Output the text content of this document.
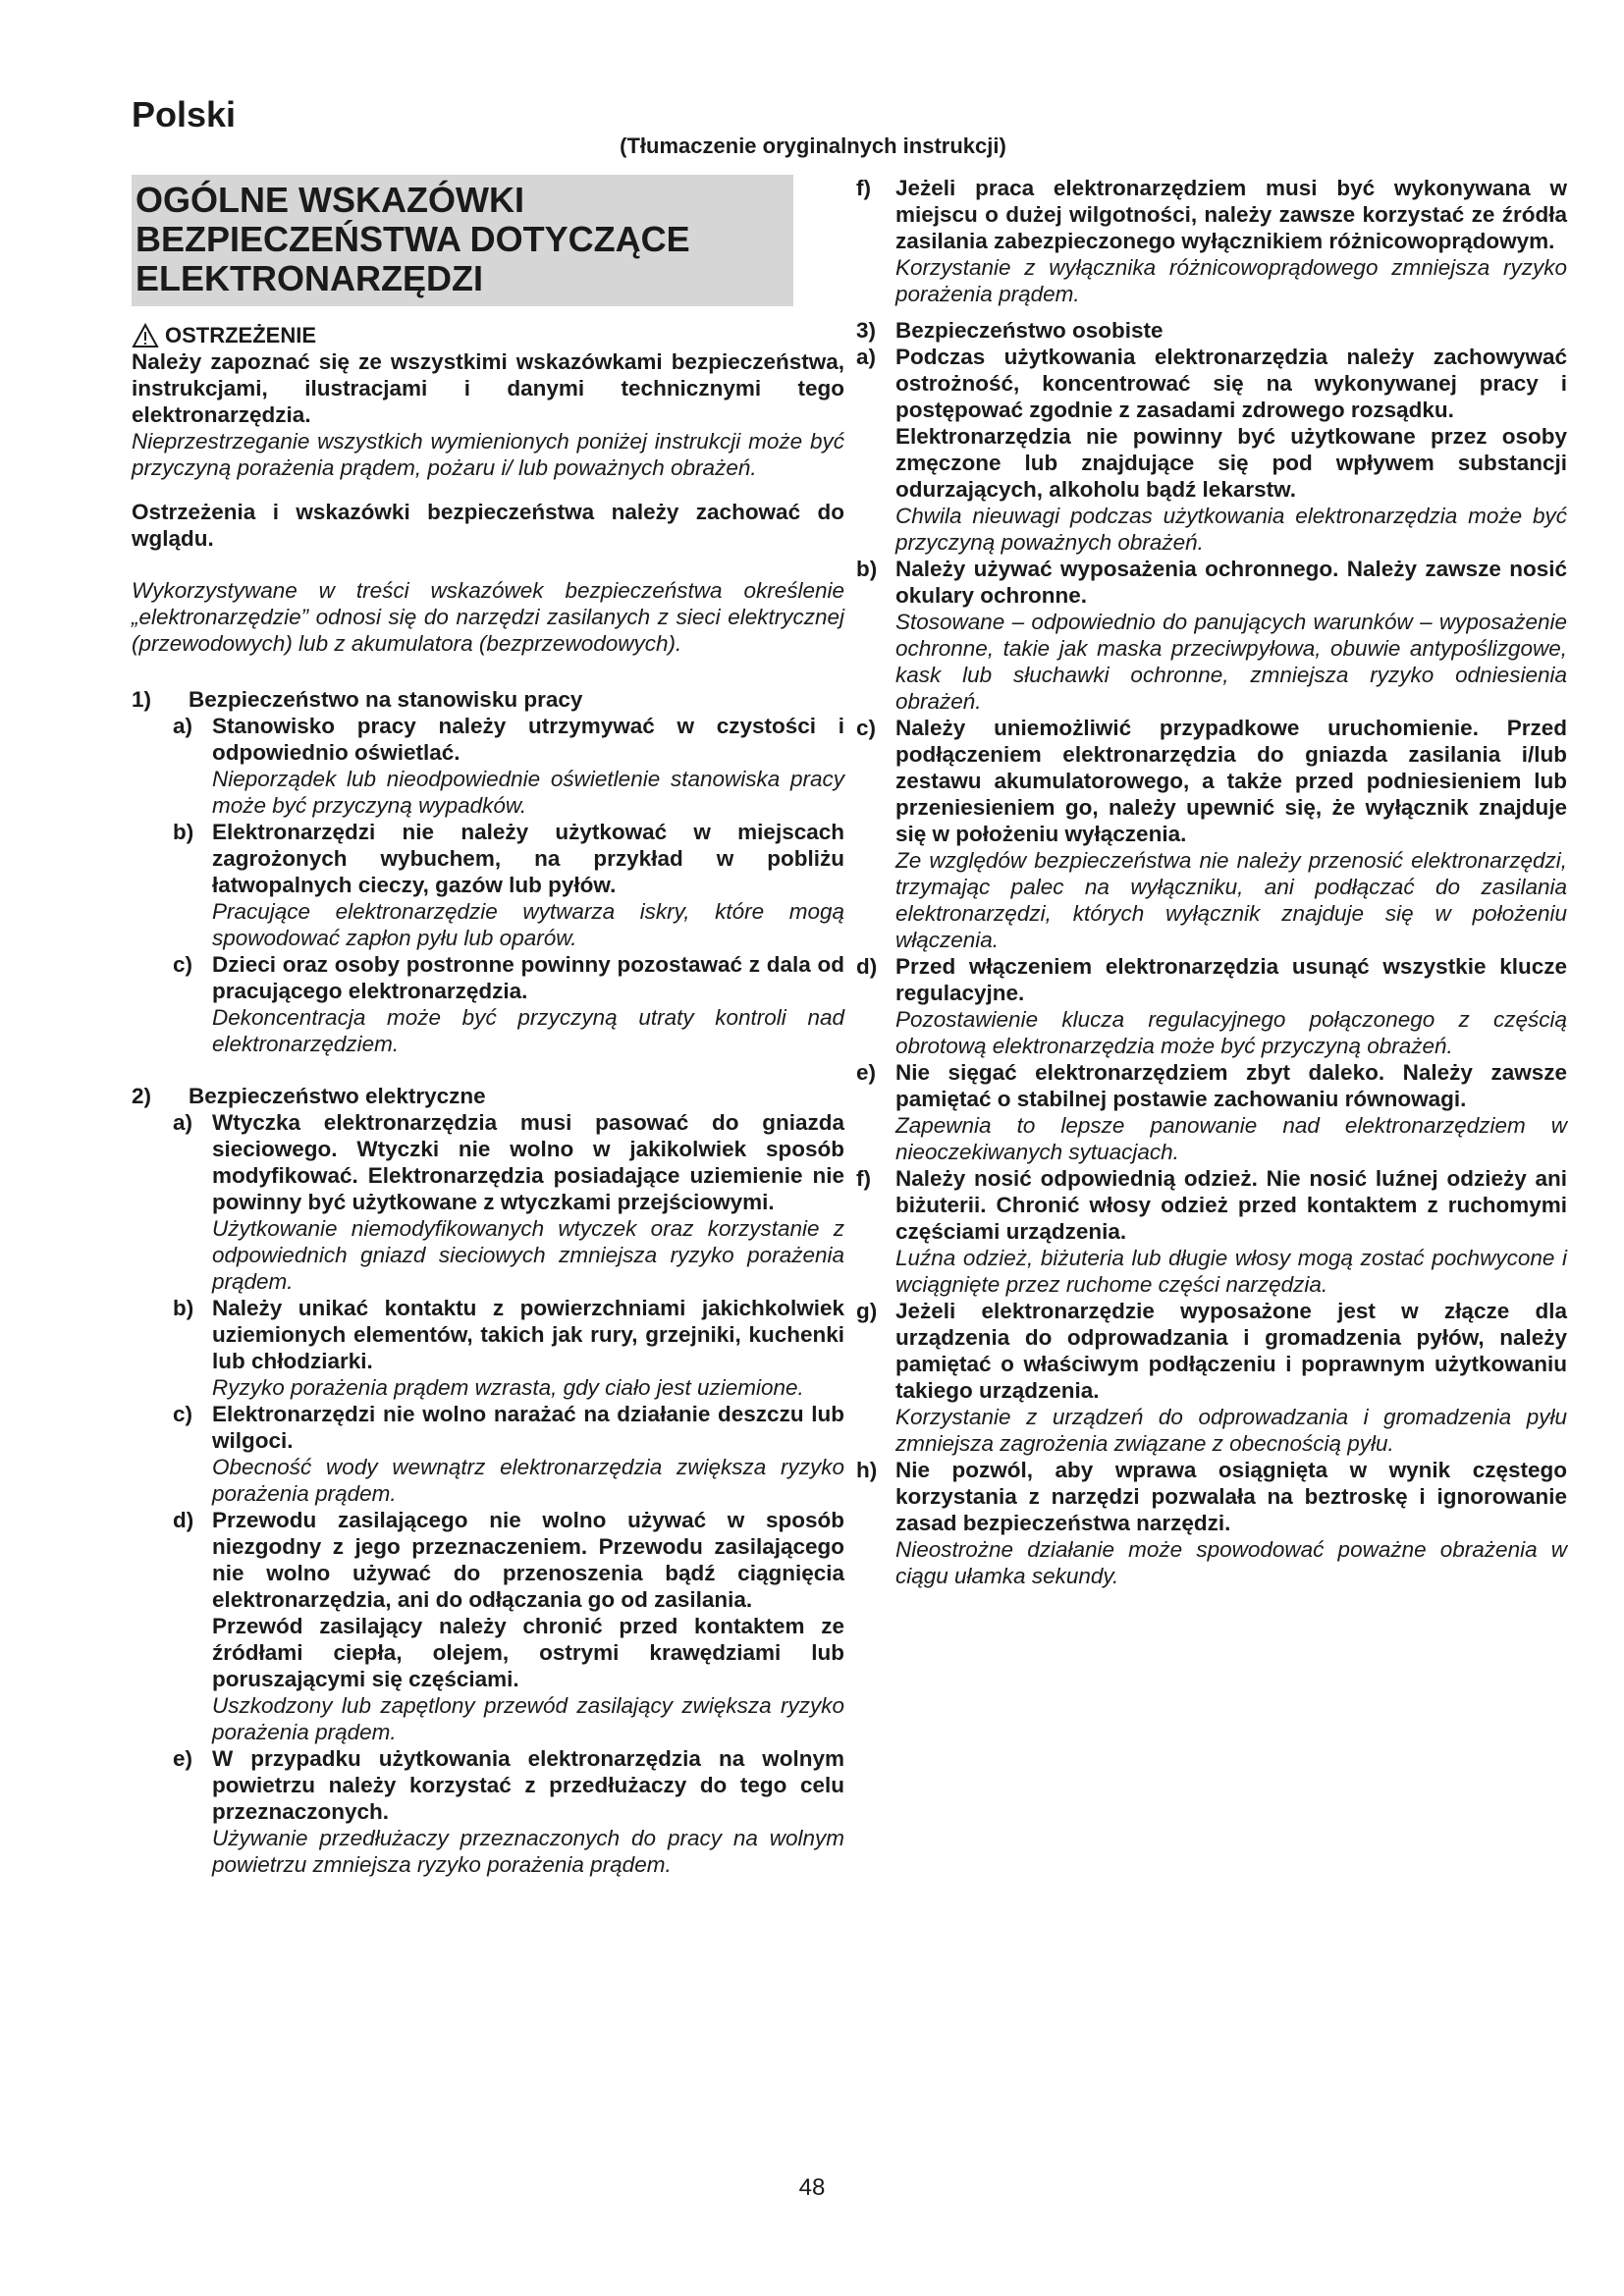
Polski
(Tłumaczenie oryginalnych instrukcji)
OGÓLNE WSKAZÓWKI BEZPIECZEŃSTWA DOTYCZĄCE ELEKTRONARZĘDZI
OSTRZEŻENIE

Należy zapoznać się ze wszystkimi wskazówkami bezpieczeństwa, instrukcjami, ilustracjami i danymi technicznymi tego elektronarzędzia.

Nieprzestrzeganie wszystkich wymienionych poniżej instrukcji może być przyczyną porażenia prądem, pożaru i/ lub poważnych obrażeń.

Ostrzeżenia i wskazówki bezpieczeństwa należy zachować do wglądu.

Wykorzystywane w treści wskazówek bezpieczeństwa określenie „elektronarzędzie” odnosi się do narzędzi zasilanych z sieci elektrycznej (przewodowych) lub z akumulatora (bezprzewodowych).

1)	Bezpieczeństwo na stanowisku pracy
a) Stanowisko pracy należy utrzymywać w czystości i odpowiednio oświetlać.

Nieporządek lub nieodpowiednie oświetlenie stanowiska pracy może być przyczyną wypadków.

b) Elektronarzędzi nie należy użytkować w miejscach zagrożonych wybuchem, na przykład w pobliżu łatwopalnych cieczy, gazów lub pyłów.

Pracujące elektronarzędzie wytwarza iskry, które mogą spowodować zapłon pyłu lub oparów.

c) Dzieci oraz osoby postronne powinny pozostawać z dala od pracującego elektronarzędzia.

Dekoncentracja może być przyczyną utraty kontroli nad elektronarzędziem.

2)	Bezpieczeństwo elektryczne
a) Wtyczka elektronarzędzia musi pasować do gniazda sieciowego. Wtyczki nie wolno w jakikolwiek sposób modyfikować. Elektronarzędzia posiadające uziemienie nie powinny być użytkowane z wtyczkami przejściowymi.

Użytkowanie niemodyfikowanych wtyczek oraz korzystanie z odpowiednich gniazd sieciowych zmniejsza ryzyko porażenia prądem.

b) Należy unikać kontaktu z powierzchniami jakichkolwiek uziemionych elementów, takich jak rury, grzejniki, kuchenki lub chłodziarki.

Ryzyko porażenia prądem wzrasta, gdy ciało jest uziemione.

c) Elektronarzędzi nie wolno narażać na działanie deszczu lub wilgoci.

Obecność wody wewnątrz elektronarzędzia zwiększa ryzyko porażenia prądem.

d) Przewodu zasilającego nie wolno używać w sposób niezgodny z jego przeznaczeniem. Przewodu zasilającego nie wolno używać do przenoszenia bądź ciągnięcia elektronarzędzia, ani do odłączania go od zasilania.

Przewód zasilający należy chronić przed kontaktem ze źródłami ciepła, olejem, ostrymi krawędziami lub poruszającymi się częściami.

Uszkodzony lub zapętlony przewód zasilający zwiększa ryzyko porażenia prądem.

e) W przypadku użytkowania elektronarzędzia na wolnym powietrzu należy korzystać z przedłużaczy do tego celu przeznaczonych.

Używanie przedłużaczy przeznaczonych do pracy na wolnym powietrzu zmniejsza ryzyko porażenia prądem.

f)	Jeżeli praca elektronarzędziem musi być wykonywana w miejscu o dużej wilgotności, należy zawsze korzystać ze źródła zasilania zabezpieczonego wyłącznikiem różnicowoprądowym.

Korzystanie z wyłącznika różnicowoprądowego zmniejsza ryzyko porażenia prądem.

3) Bezpieczeństwo osobiste
a) Podczas użytkowania elektronarzędzia należy zachowywać ostrożność, koncentrować się na wykonywanej pracy i postępować zgodnie z zasadami zdrowego rozsądku.

Elektronarzędzia nie powinny być użytkowane przez osoby zmęczone lub znajdujące się pod wpływem substancji odurzających, alkoholu bądź lekarstw.

Chwila nieuwagi podczas użytkowania elektronarzędzia może być przyczyną poważnych obrażeń.

b) Należy używać wyposażenia ochronnego. Należy zawsze nosić okulary ochronne.

Stosowane – odpowiednio do panujących warunków – wyposażenie ochronne, takie jak maska przeciwpyłowa, obuwie antypoślizgowe, kask lub słuchawki ochronne, zmniejsza ryzyko odniesienia obrażeń.

c) Należy uniemożliwić przypadkowe uruchomienie. Przed podłączeniem elektronarzędzia do gniazda zasilania i/lub zestawu akumulatorowego, a także przed podniesieniem lub przeniesieniem go, należy upewnić się, że wyłącznik znajduje się w położeniu wyłączenia.

Ze względów bezpieczeństwa nie należy przenosić elektronarzędzi, trzymając palec na wyłączniku, ani podłączać do zasilania elektronarzędzi, których wyłącznik znajduje się w położeniu włączenia.

d) Przed włączeniem elektronarzędzia usunąć wszystkie klucze regulacyjne.

Pozostawienie klucza regulacyjnego połączonego z częścią obrotową elektronarzędzia może być przyczyną obrażeń.

e) Nie sięgać elektronarzędziem zbyt daleko. Należy zawsze pamiętać o stabilnej postawie zachowaniu równowagi.

Zapewnia to lepsze panowanie nad elektronarzędziem w nieoczekiwanych sytuacjach.

f)	Należy nosić odpowiednią odzież. Nie nosić luźnej odzieży ani biżuterii. Chronić włosy odzież przed kontaktem z ruchomymi częściami urządzenia.

Luźna odzież, biżuteria lub długie włosy mogą zostać pochwycone i wciągnięte przez ruchome części narzędzia.

g) Jeżeli elektronarzędzie wyposażone jest w złącze dla urządzenia do odprowadzania i gromadzenia pyłów, należy pamiętać o właściwym podłączeniu i poprawnym użytkowaniu takiego urządzenia.

Korzystanie z urządzeń do odprowadzania i gromadzenia pyłu zmniejsza zagrożenia związane z obecnością pyłu.

h) Nie pozwól, aby wprawa osiągnięta w wynik częstego korzystania z narzędzi pozwalała na beztroskę i ignorowanie zasad bezpieczeństwa narzędzi.

Nieostrożne działanie może spowodować poważne obrażenia w ciągu ułamka sekundy.

48
